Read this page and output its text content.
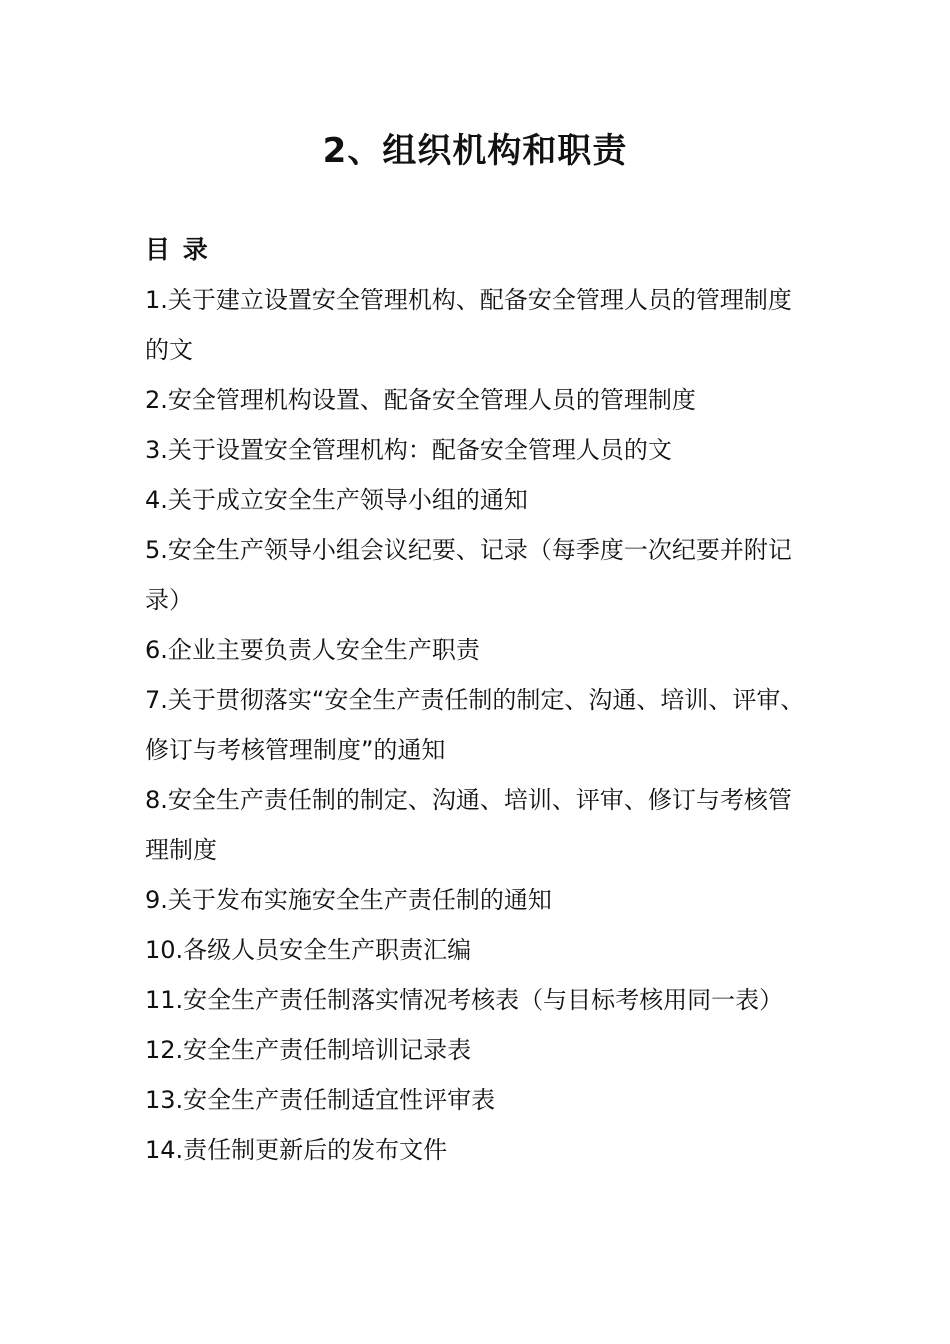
2、组织机构和职责
目 录
1.关于建立设置安全管理机构、配备安全管理人员的管理制度的文
2.安全管理机构设置、配备安全管理人员的管理制度
3.关于设置安全管理机构：配备安全管理人员的文
4.关于成立安全生产领导小组的通知
5.安全生产领导小组会议纪要、记录（每季度一次纪要并附记录）
6.企业主要负责人安全生产职责
7.关于贯彻落实“安全生产责任制的制定、沟通、培训、评审、修订与考核管理制度”的通知
8.安全生产责任制的制定、沟通、培训、评审、修订与考核管理制度
9.关于发布实施安全生产责任制的通知
10.各级人员安全生产职责汇编
11.安全生产责任制落实情况考核表（与目标考核用同一表）
12.安全生产责任制培训记录表
13.安全生产责任制适宜性评审表
14.责任制更新后的发布文件
